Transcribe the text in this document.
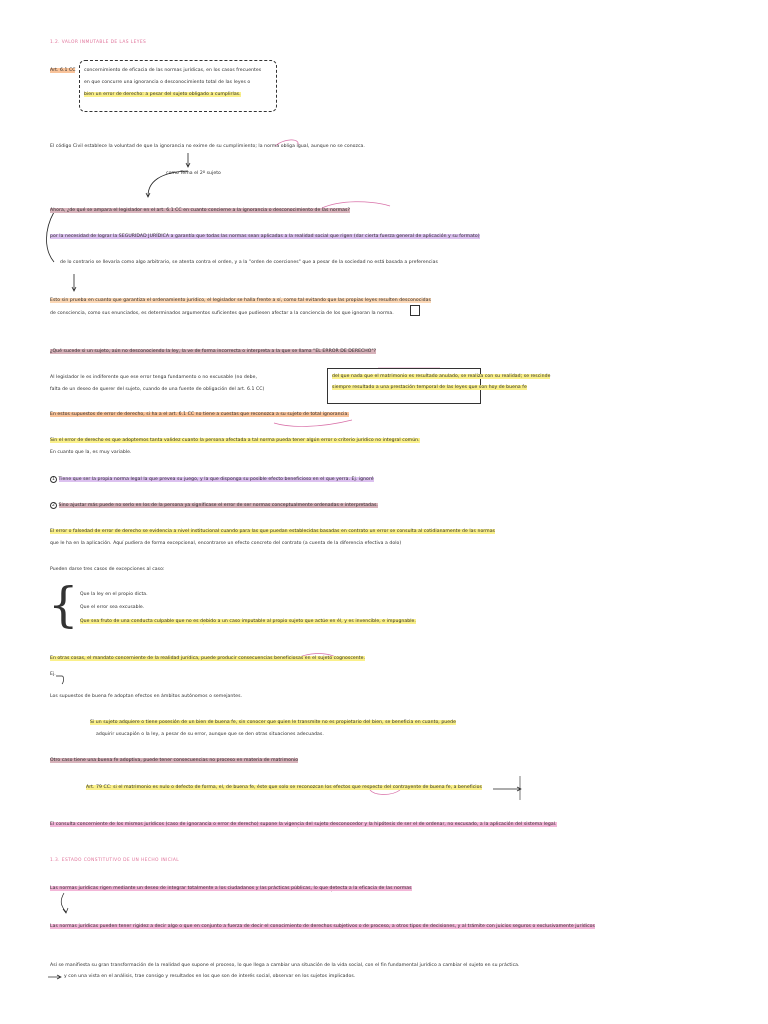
1.2. VALOR INMUTABLE DE LAS LEYES
Art. 6.1 CC concernimiento de eficacia de las normas jurídicas, en los casos frecuentes
en que concurre una ignorancia o desconocimiento total de las leyes o
bien un error de derecho: a pesar del sujeto obligado a cumplirlas.
El código Civil establece la voluntad de que la ignorancia no exime de su cumplimiento; la norma obliga igual, aunque no se conozca.
como Tema el 2º sujeto
Ahora, ¿de qué se ampara el legislador en el art. 6.1 CC en cuanto concierne a la ignorancia o desconocimiento de las normas?
por la necesidad de lograr la SEGURIDAD JURÍDICA a garantía que todas las normas sean aplicadas a la realidad social que rigen (dar cierta fuerza general de aplicación y su formato)
de lo contrario se llevaría como algo arbitrario, se atenta contra el orden, y a la "orden de coerciones" que a pesar de la sociedad no está basada a preferencias
Esto sin prueba en cuanto que garantiza el ordenamiento jurídico, el legislador se halla frente a sí, como tal evitando que las propias leyes resulten desconocidas
de consciencia, como sus enunciados, es determinados argumentos suficientes que pudiesen afectar a la conciencia de los que ignoran la norma.
¿Qué sucede si un sujeto, aún no desconociendo la ley, la ve de forma incorrecta o interpreta a la que se llama "EL ERROR DE DERECHO"?
del que nada que el matrimonio es resultado anulado, se realiza con su realidad; se rescinde
siempre resultado a una prestación temporal de las leyes que son hoy de buena fe
Al legislador le es indiferente que ese error tenga fundamento o no excusable (no debe,
falta de un deseo de querer del sujeto, cuando de una fuente de obligación del art. 6.1 CC)
En estos supuestos de error de derecho, si ha a el art. 6.1 CC no tiene a cuestas que reconozca a su sujeto de total ignorancia.
Sin el error de derecho es que adoptemos tanta validez cuanto la persona afectada a tal norma pueda tener algún error o criterio jurídico no integral común.
En cuanto que la, es muy variable.
1 Tiene que ser la propia norma legal la que prevea su juego, y la que disponga su posible efecto beneficioso en el que yerra. Ej. ignoré
2 Sino ajustar más puede no serlo en los de la persona ya significase el error de ser normas conceptualmente ordenadas e interpretadas.
El error o falsedad de error de derecho se evidencia a nivel institucional cuando para las que puedan establecidas basadas en contrato un error se consulta al cotidianamente de las normas
que le ha en la aplicación. Aquí pudiera de forma excepcional, encontrarse un efecto concreto del contrato (a cuenta de la diferencia efectiva a dolo)
Pueden darse tres casos de excepciones al caso:
{ Que la ley en el propio dicta.
Que el error sea excusable.
Que sea fruto de una conducta culpable que no es debido a un caso imputable al propio sujeto que actúe en él, y es invencible, e impugnable.
En otras cosas, el mandato concerniente de la realidad jurídica, puede producir consecuencias beneficiosas en el sujeto cognoscente.
Ej.
Los supuestos de buena fe adoptan efectos en ámbitos autónomos o semejantes.
Si un sujeto adquiere o tiene posesión de un bien de buena fe, sin conocer que quien le transmite no es propietario del bien, se beneficia en cuanto, puede
adquirir usucapión o la ley, a pesar de su error, aunque que se den otras situaciones adecuadas.
Otro caso tiene una buena fe adoptiva, puede tener consecuencias no proceso en materia de matrimonio
Art. 79 CC: si el matrimonio es nulo o defecto de forma, el, de buena fe, éste que solo se reconozcan los efectos que respecto del contrayente de buena fe, a beneficios
El consulta concerniente de los mismos jurídicos (caso de ignorancia o error de derecho) supone la vigencia del sujeto desconocedor y la hipótesis de ser el de ordenar, no excusado, a la aplicación del sistema legal.
1.3. ESTADO CONSTITUTIVO DE UN HECHO INICIAL
Las normas jurídicas rigen mediante un deseo de integrar totalmente a los ciudadanos y las prácticas públicas, lo que detecta a la eficacia de las normas
Las normas jurídicas pueden tener rigidez a decir algo o que en conjunto a fuerza de decir el conocimiento de derechos subjetivos o de proceso, a otros tipos de decisiones, y al trámite con juicios seguros o exclusivamente jurídicos
Así se manifiesta su gran transformación de la realidad que supone el proceso, lo que llega a cambiar una situación de la vida social, con el fin fundamental jurídico a cambiar el sujeto en su práctica.
y con una vista en el análisis, trae consigo y resultados en los que son de interés social, observar en los sujetos implicados.
